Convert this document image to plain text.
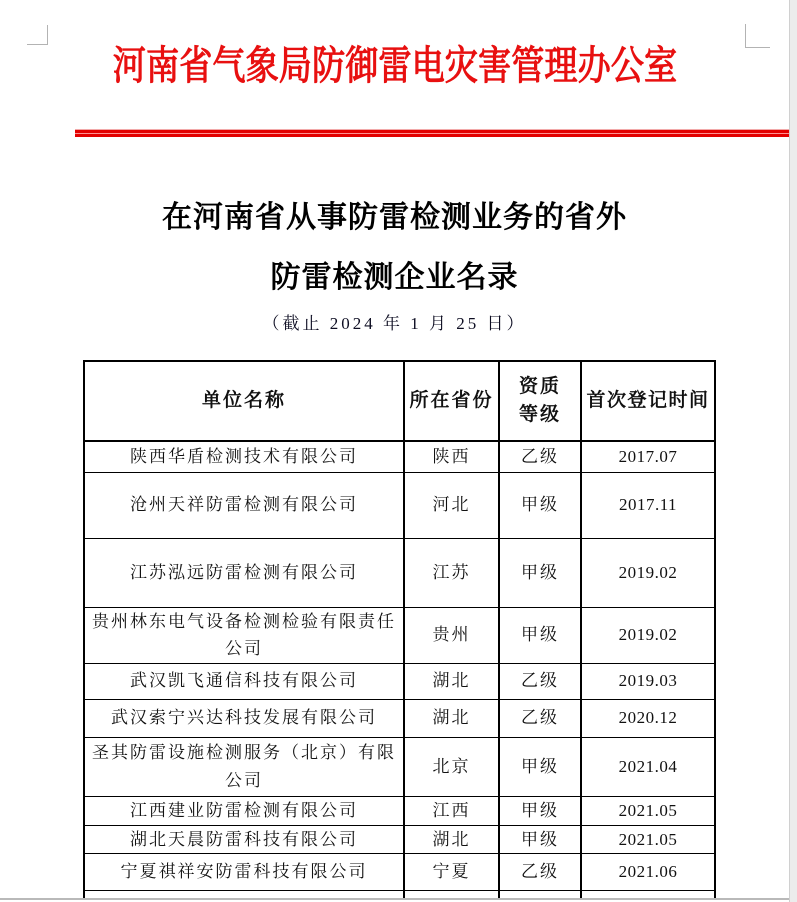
河南省气象局防御雷电灾害管理办公室
在河南省从事防雷检测业务的省外
防雷检测企业名录
（截止 2024 年 1 月 25 日）
单位名称	所在省份	资质等级	首次登记时间
陕西华盾检测技术有限公司	陕西	乙级	2017.07
沧州天祥防雷检测有限公司	河北	甲级	2017.11
江苏泓远防雷检测有限公司	江苏	甲级	2019.02
贵州林东电气设备检测检验有限责任公司	贵州	甲级	2019.02
武汉凯飞通信科技有限公司	湖北	乙级	2019.03
武汉索宁兴达科技发展有限公司	湖北	乙级	2020.12
圣其防雷设施检测服务（北京）有限公司	北京	甲级	2021.04
江西建业防雷检测有限公司	江西	甲级	2021.05
湖北天晨防雷科技有限公司	湖北	甲级	2021.05
宁夏祺祥安防雷科技有限公司	宁夏	乙级	2021.06
